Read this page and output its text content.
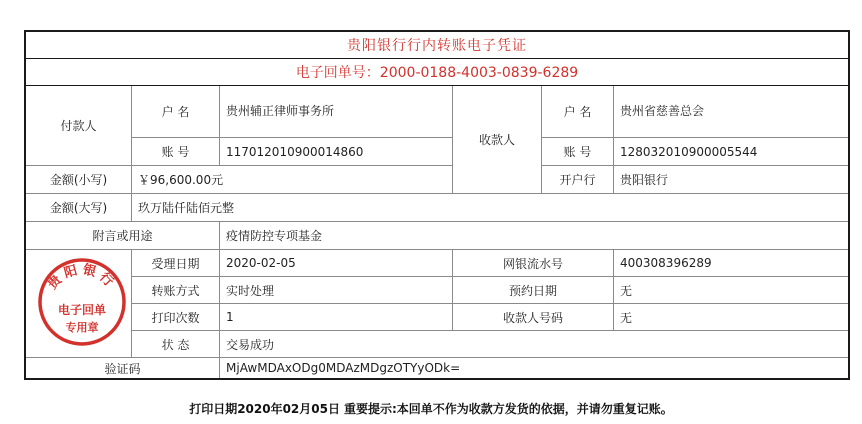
贵阳银行行内转账电子凭证
电子回单号：2000-0188-4003-0839-6289
付款人
户 名	贵州辅正律师事务所
账 号	117012010900014860
收款人
户 名	贵州省慈善总会
账 号	128032010900005544
开户行	贵阳银行
金额(小写)	￥96,600.00元
金额(大写)	玖万陆仟陆佰元整
附言或用途	疫情防控专项基金
贵阳银行
电子回单
专用章
受理日期	2020-02-05	网银流水号	400308396289
转账方式	实时处理	预约日期	无
打印次数	1	收款人号码	无
状 态	交易成功
验证码	MjAwMDAxODg0MDAzMDgzOTYyODk=
打印日期2020年02月05日 重要提示:本回单不作为收款方发货的依据，并请勿重复记账。
